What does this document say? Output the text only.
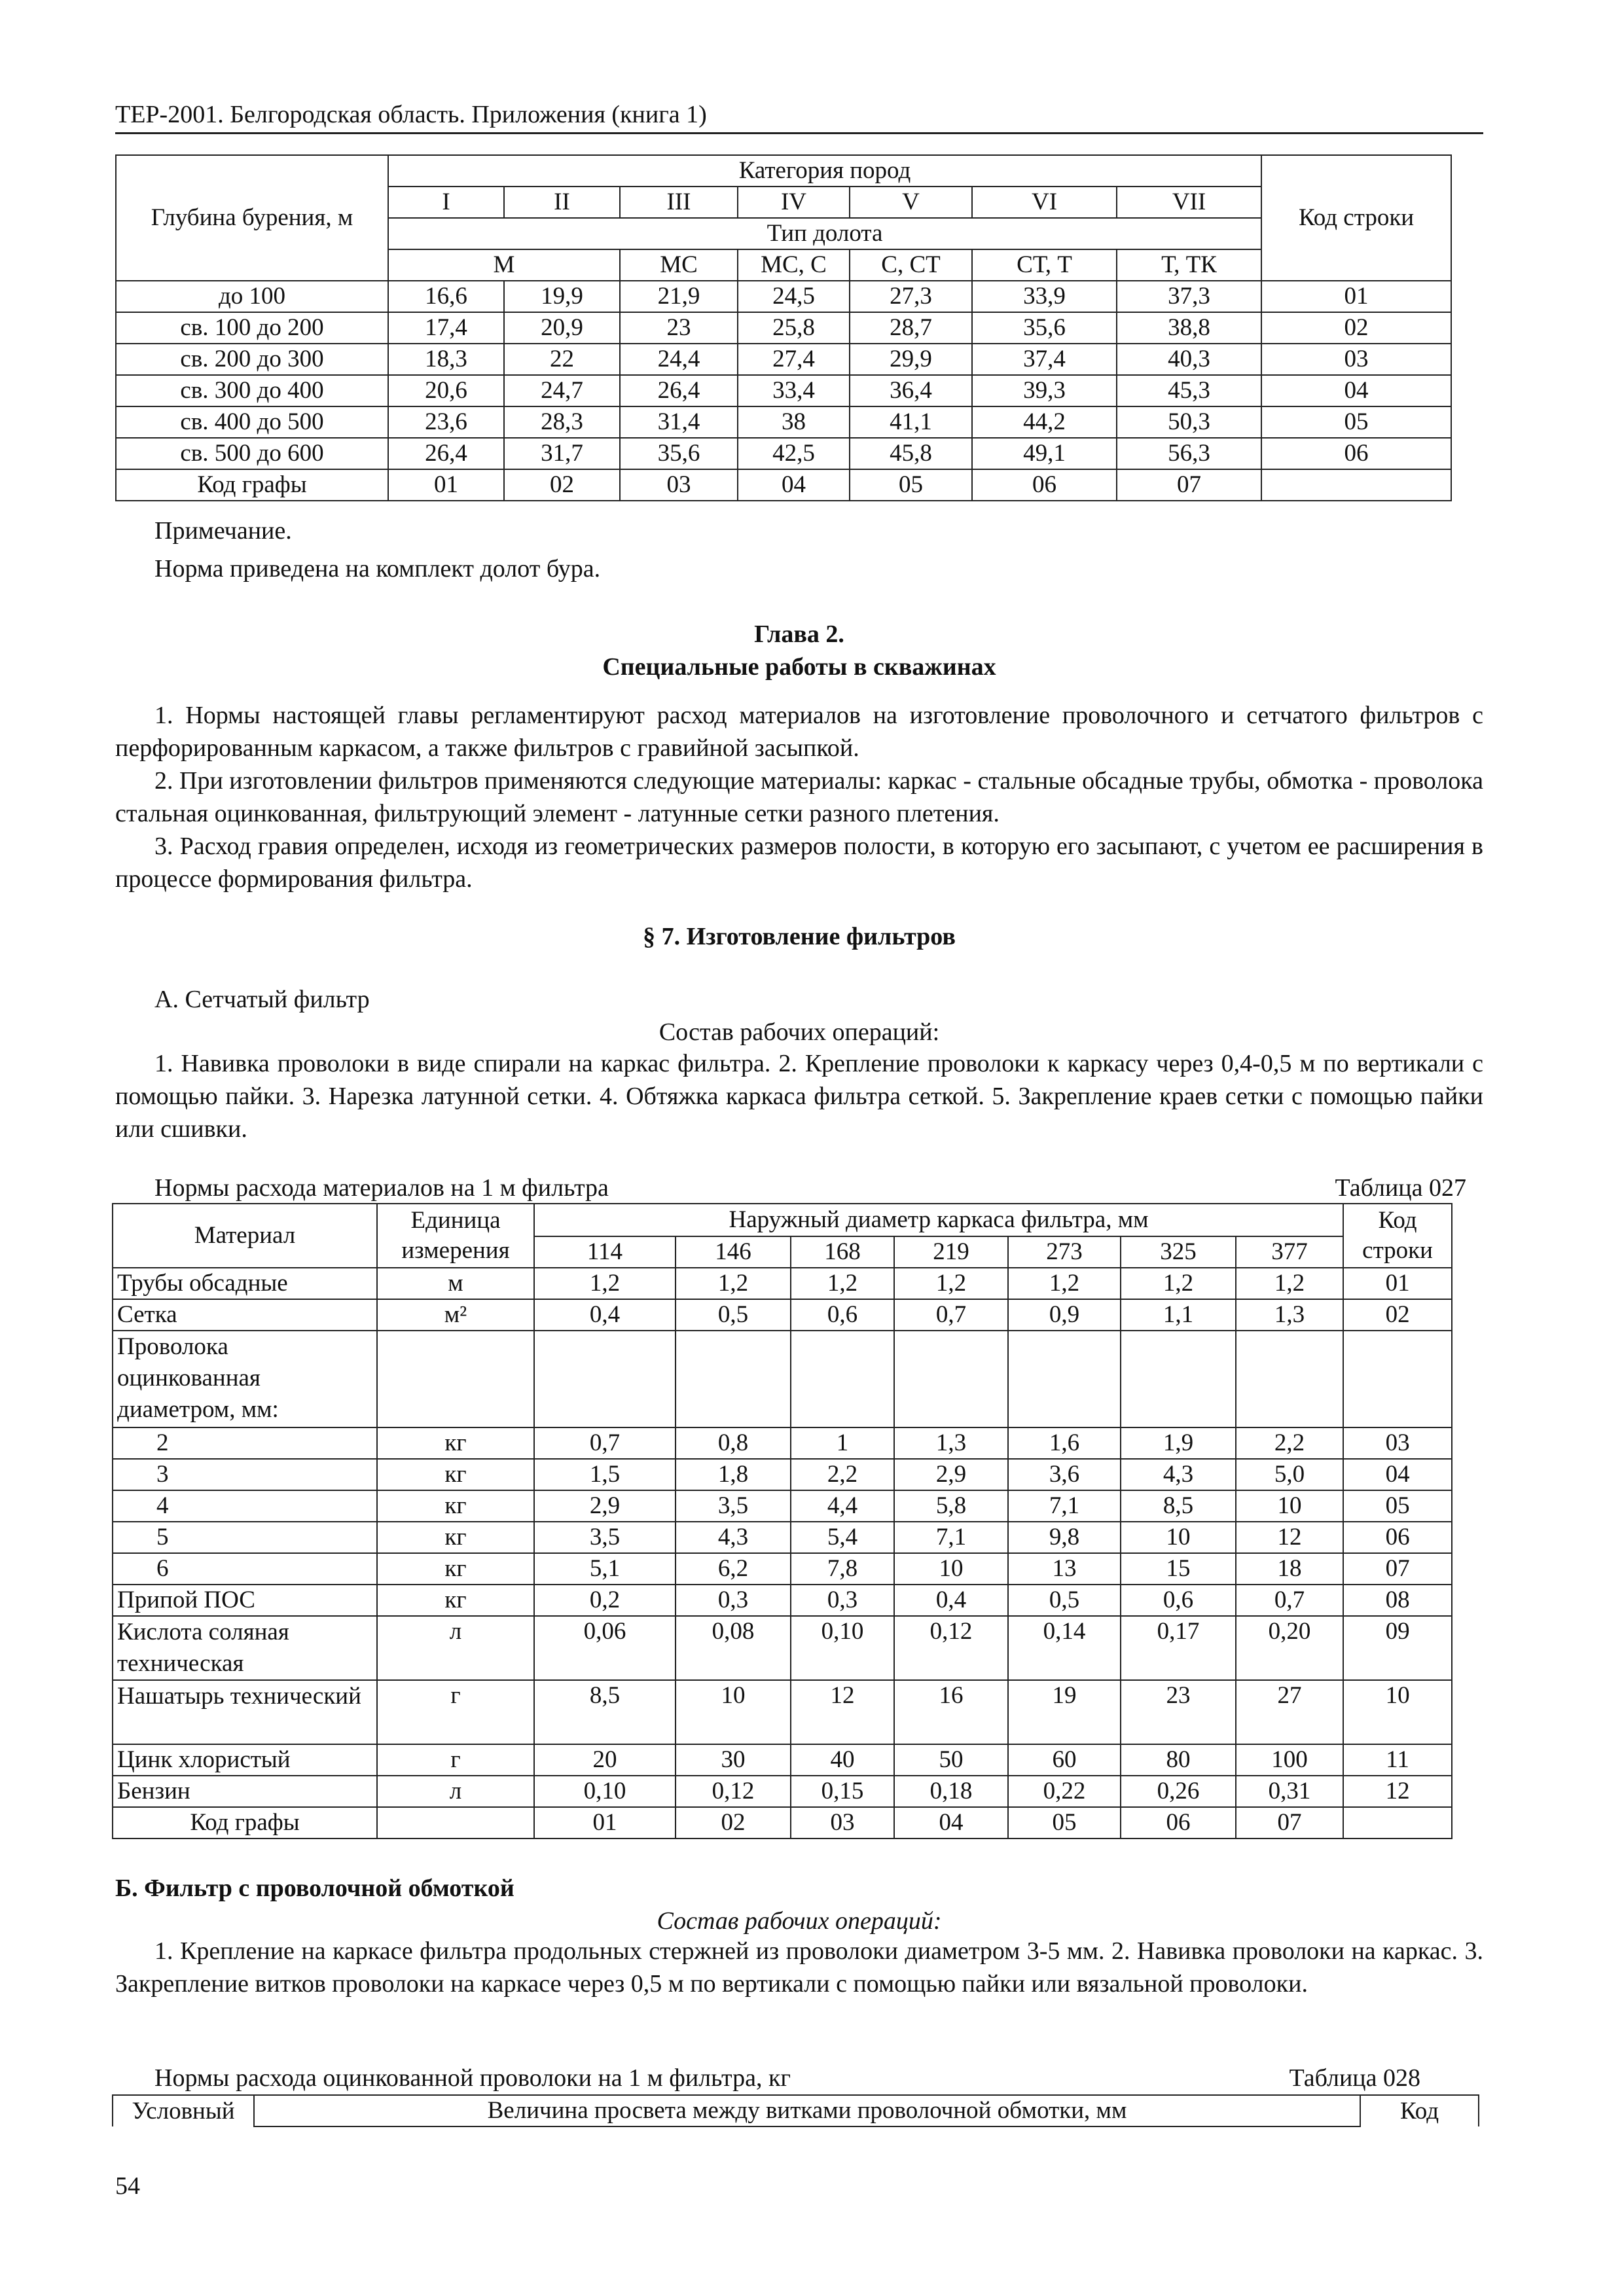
ТЕР-2001. Белгородская область. Приложения (книга 1)
Глубина бурения, м	Категория пород							Код строки
	I	II	III	IV	V	VI	VII	
	Тип долота							
	М		МС	МС, С	С, СТ	СТ, Т	Т, ТК	
до 100	16,6	19,9	21,9	24,5	27,3	33,9	37,3	01
св. 100 до 200	17,4	20,9	23	25,8	28,7	35,6	38,8	02
св. 200 до 300	18,3	22	24,4	27,4	29,9	37,4	40,3	03
св. 300 до 400	20,6	24,7	26,4	33,4	36,4	39,3	45,3	04
св. 400 до 500	23,6	28,3	31,4	38	41,1	44,2	50,3	05
св. 500 до 600	26,4	31,7	35,6	42,5	45,8	49,1	56,3	06
Код графы	01	02	03	04	05	06	07	
Примечание.
Норма приведена на комплект долот бура.
Глава 2.
Специальные работы в скважинах
1. Нормы настоящей главы регламентируют расход материалов на изготовление проволочного и сетчатого фильтров с перфорированным каркасом, а также фильтров с гравийной засыпкой.
2. При изготовлении фильтров применяются следующие материалы: каркас - стальные обсадные трубы, обмотка - проволока стальная оцинкованная, фильтрующий элемент - латунные сетки разного плетения.
3. Расход гравия определен, исходя из геометрических размеров полости, в которую его засыпают, с учетом ее расширения в процессе формирования фильтра.
§ 7. Изготовление фильтров
А. Сетчатый фильтр
Состав рабочих операций:
1. Навивка проволоки в виде спирали на каркас фильтра. 2. Крепление проволоки к каркасу через 0,4-0,5 м по вертикали с помощью пайки. 3. Нарезка латунной сетки. 4. Обтяжка каркаса фильтра сеткой. 5. Закрепление краев сетки с помощью пайки или сшивки.
Нормы расхода материалов на 1 м фильтра	Таблица 027
Материал	Единица измерения	Наружный диаметр каркаса фильтра, мм							Код строки
		114	146	168	219	273	325	377	
Трубы обсадные	м	1,2	1,2	1,2	1,2	1,2	1,2	1,2	01
Сетка	м²	0,4	0,5	0,6	0,7	0,9	1,1	1,3	02
Проволока оцинкованная диаметром, мм:									
2	кг	0,7	0,8	1	1,3	1,6	1,9	2,2	03
3	кг	1,5	1,8	2,2	2,9	3,6	4,3	5,0	04
4	кг	2,9	3,5	4,4	5,8	7,1	8,5	10	05
5	кг	3,5	4,3	5,4	7,1	9,8	10	12	06
6	кг	5,1	6,2	7,8	10	13	15	18	07
Припой ПОС	кг	0,2	0,3	0,3	0,4	0,5	0,6	0,7	08
Кислота соляная техническая	л	0,06	0,08	0,10	0,12	0,14	0,17	0,20	09
Нашатырь технический	г	8,5	10	12	16	19	23	27	10
Цинк хлористый	г	20	30	40	50	60	80	100	11
Бензин	л	0,10	0,12	0,15	0,18	0,22	0,26	0,31	12
Код графы		01	02	03	04	05	06	07	
Б. Фильтр с проволочной обмоткой
Состав рабочих операций:
1. Крепление на каркасе фильтра продольных стержней из проволоки диаметром 3-5 мм. 2. Навивка проволоки на каркас. 3. Закрепление витков проволоки на каркасе через 0,5 м по вертикали с помощью пайки или вязальной проволоки.
Нормы расхода оцинкованной проволоки на 1 м фильтра, кг	Таблица 028
Условный	Величина просвета между витками проволочной обмотки, мм	Код
54
